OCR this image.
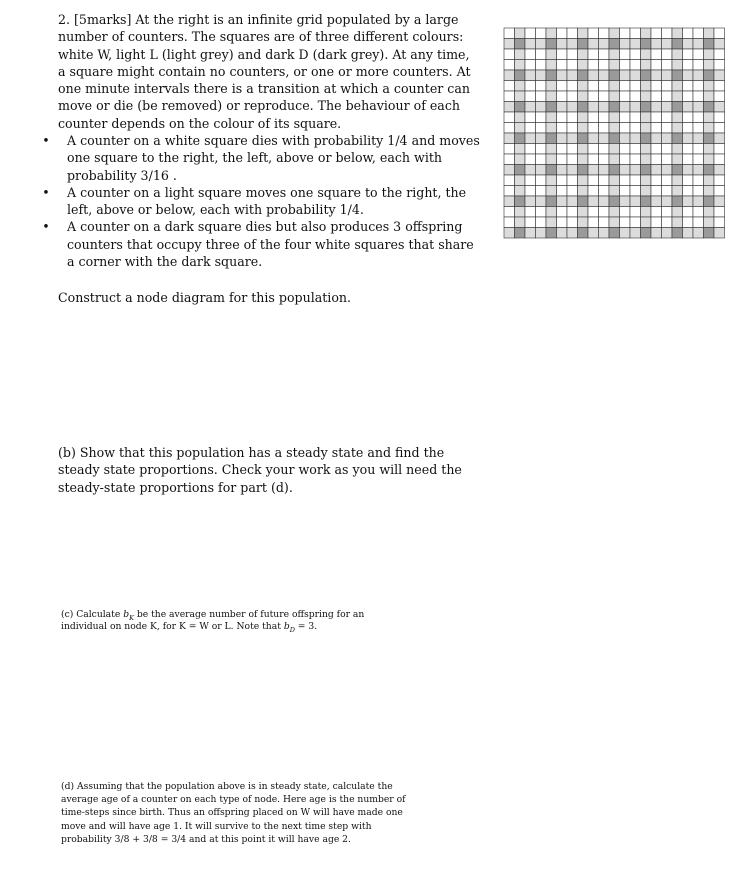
2. [5marks] At the right is an infinite grid populated by a large number of counters. The squares are of three different colours: white W, light L (light grey) and dark D (dark grey). At any time, a square might contain no counters, or one or more counters. At one minute intervals there is a transition at which a counter can move or die (be removed) or reproduce. The behaviour of each counter depends on the colour of its square.

• A counter on a white square dies with probability 1/4 and moves one square to the right, the left, above or below, each with probability 3/16 .
• A counter on a light square moves one square to the right, the left, above or below, each with probability 1/4.
• A counter on a dark square dies but also produces 3 offspring counters that occupy three of the four white squares that share a corner with the dark square.
Construct a node diagram for this population.
(b) Show that this population has a steady state and find the steady state proportions. Check your work as you will need the steady-state proportions for part (d).
(c) Calculate $b_K$ be the average number of future offspring for an individual on node K, for K = W or L. Note that $b_D = 3$.
(d) Assuming that the population above is in steady state, calculate the average age of a counter on each type of node. Here age is the number of time-steps since birth. Thus an offspring placed on W will have made one move and will have age 1. It will survive to the next time step with probability 3/8 + 3/8 = 3/4 and at this point it will have age 2.
